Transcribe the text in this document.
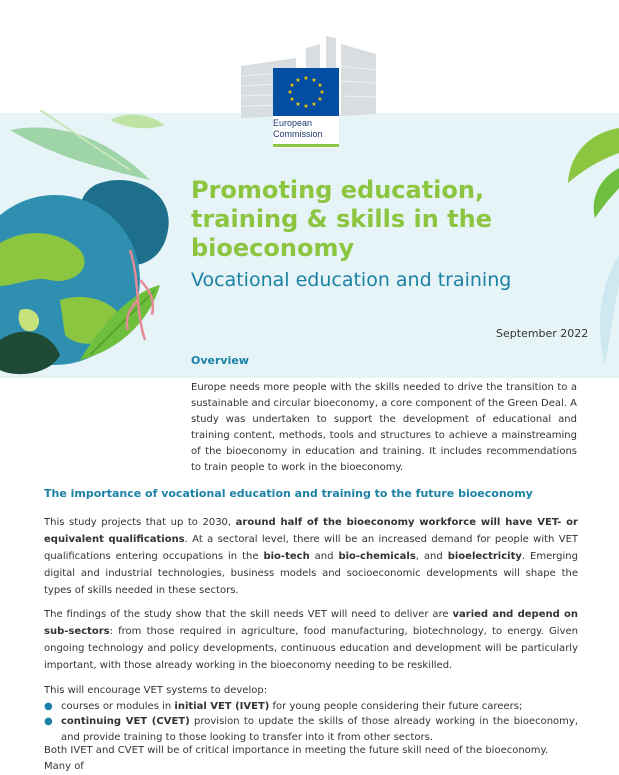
★ ★
★
★
★
★
★
★
★
★
★
★
European
Commission
Promoting education,
training & skills in the
bioeconomy
Vocational education and training
September 2022
Overview
Europe needs more people with the skills needed to drive the transition to a sustainable and circular bioeconomy, a core component of the Green Deal. A study was undertaken to support the development of educational and training content, methods, tools and structures to achieve a mainstreaming of the bioeconomy in education and training. It includes recommendations to train people to work in the bioeconomy.
The importance of vocational education and training to the future bioeconomy
This study projects that up to 2030, around half of the bioeconomy workforce will have VET- or equivalent qualifications. At a sectoral level, there will be an increased demand for people with VET qualifications entering occupations in the bio-tech and bio-chemicals, and bioelectricity. Emerging digital and industrial technologies, business models and socioeconomic developments will shape the types of skills needed in these sectors.
The findings of the study show that the skill needs VET will need to deliver are varied and depend on sub-sectors: from those required in agriculture, food manufacturing, biotechnology, to energy. Given ongoing technology and policy developments, continuous education and development will be particularly important, with those already working in the bioeconomy needing to be reskilled.
This will encourage VET systems to develop:
● courses or modules in initial VET (IVET) for young people considering their future careers;
● continuing VET (CVET) provision to update the skills of those already working in the bioeconomy, and provide training to those looking to transfer into it from other sectors.
Both IVET and CVET will be of critical importance in meeting the future skill need of the bioeconomy. Many of
